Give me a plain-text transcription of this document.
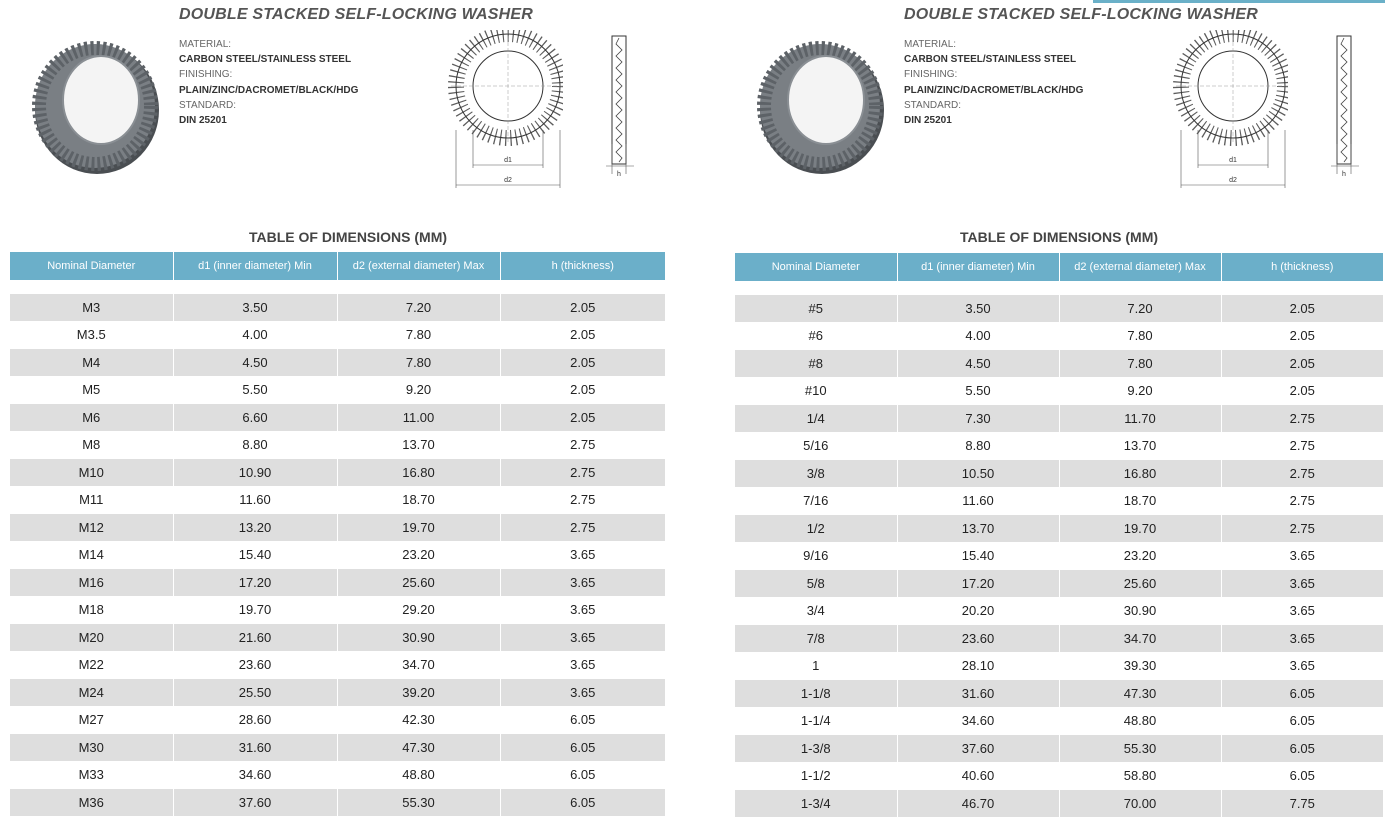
DOUBLE STACKED SELF-LOCKING WASHER
MATERIAL:
CARBON STEEL/STAINLESS STEEL
FINISHING:
PLAIN/ZINC/DACROMET/BLACK/HDG
STANDARD:
DIN 25201
d1
d2
h
TABLE OF DIMENSIONS (MM)
Nominal Diameter	d1 (inner diameter) Min	d2 (external diameter) Max	h (thickness)

M3	3.50	7.20	2.05
M3.5	4.00	7.80	2.05
M4	4.50	7.80	2.05
M5	5.50	9.20	2.05
M6	6.60	11.00	2.05
M8	8.80	13.70	2.75
M10	10.90	16.80	2.75
M11	11.60	18.70	2.75
M12	13.20	19.70	2.75
M14	15.40	23.20	3.65
M16	17.20	25.60	3.65
M18	19.70	29.20	3.65
M20	21.60	30.90	3.65
M22	23.60	34.70	3.65
M24	25.50	39.20	3.65
M27	28.60	42.30	6.05
M30	31.60	47.30	6.05
M33	34.60	48.80	6.05
M36	37.60	55.30	6.05
DOUBLE STACKED SELF-LOCKING WASHER
MATERIAL:
CARBON STEEL/STAINLESS STEEL
FINISHING:
PLAIN/ZINC/DACROMET/BLACK/HDG
STANDARD:
DIN 25201
d1
d2
h
TABLE OF DIMENSIONS (MM)
Nominal Diameter	d1 (inner diameter) Min	d2 (external diameter) Max	h (thickness)

#5	3.50	7.20	2.05
#6	4.00	7.80	2.05
#8	4.50	7.80	2.05
#10	5.50	9.20	2.05
1/4	7.30	11.70	2.75
5/16	8.80	13.70	2.75
3/8	10.50	16.80	2.75
7/16	11.60	18.70	2.75
1/2	13.70	19.70	2.75
9/16	15.40	23.20	3.65
5/8	17.20	25.60	3.65
3/4	20.20	30.90	3.65
7/8	23.60	34.70	3.65
1	28.10	39.30	3.65
1-1/8	31.60	47.30	6.05
1-1/4	34.60	48.80	6.05
1-3/8	37.60	55.30	6.05
1-1/2	40.60	58.80	6.05
1-3/4	46.70	70.00	7.75
